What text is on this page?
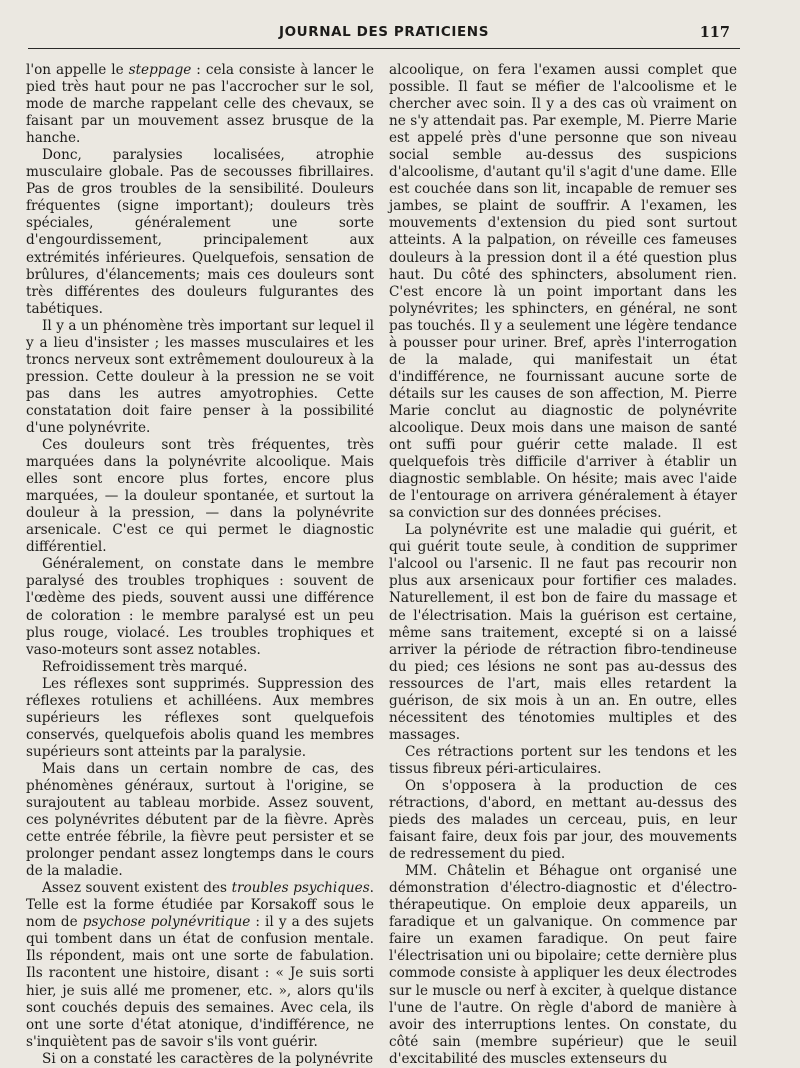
JOURNAL DES PRATICIENS	117

l'on appelle le steppage : cela consiste à lancer le pied très haut pour ne pas l'accrocher sur le sol, mode de marche rappelant celle des chevaux, se faisant par un mouvement assez brusque de la hanche.

Donc, paralysies localisées, atrophie musculaire globale. Pas de secousses fibrillaires. Pas de gros troubles de la sensibilité. Douleurs fréquentes (signe important); douleurs très spéciales, généralement une sorte d'engourdissement, principalement aux extrémités inférieures. Quelquefois, sensation de brûlures, d'élancements; mais ces douleurs sont très différentes des douleurs fulgurantes des tabétiques.

Il y a un phénomène très important sur lequel il y a lieu d'insister ; les masses musculaires et les troncs nerveux sont extrêmement douloureux à la pression. Cette douleur à la pression ne se voit pas dans les autres amyotrophies. Cette constatation doit faire penser à la possibilité d'une polynévrite.

Ces douleurs sont très fréquentes, très marquées dans la polynévrite alcoolique. Mais elles sont encore plus fortes, encore plus marquées, — la douleur spontanée, et surtout la douleur à la pression, — dans la polynévrite arsenicale. C'est ce qui permet le diagnostic différentiel.

Généralement, on constate dans le membre paralysé des troubles trophiques : souvent de l'œdème des pieds, souvent aussi une différence de coloration : le membre paralysé est un peu plus rouge, violacé. Les troubles trophiques et vaso-moteurs sont assez notables.

Refroidissement très marqué.

Les réflexes sont supprimés. Suppression des réflexes rotuliens et achilléens. Aux membres supérieurs les réflexes sont quelquefois conservés, quelquefois abolis quand les membres supérieurs sont atteints par la paralysie.

Mais dans un certain nombre de cas, des phénomènes généraux, surtout à l'origine, se surajoutent au tableau morbide. Assez souvent, ces polynévrites débutent par de la fièvre. Après cette entrée fébrile, la fièvre peut persister et se prolonger pendant assez longtemps dans le cours de la maladie.

Assez souvent existent des troubles psychiques. Telle est la forme étudiée par Korsakoff sous le nom de psychose polynévritique : il y a des sujets qui tombent dans un état de confusion mentale. Ils répondent, mais ont une sorte de fabulation. Ils racontent une histoire, disant : « Je suis sorti hier, je suis allé me promener, etc. », alors qu'ils sont couchés depuis des semaines. Avec cela, ils ont une sorte d'état atonique, d'indifférence, ne s'inquiètent pas de savoir s'ils vont guérir.

Si on a constaté les caractères de la polynévrite

alcoolique, on fera l'examen aussi complet que possible. Il faut se méfier de l'alcoolisme et le chercher avec soin. Il y a des cas où vraiment on ne s'y attendait pas. Par exemple, M. Pierre Marie est appelé près d'une personne que son niveau social semble au-dessus des suspicions d'alcoolisme, d'autant qu'il s'agit d'une dame. Elle est couchée dans son lit, incapable de remuer ses jambes, se plaint de souffrir. A l'examen, les mouvements d'extension du pied sont surtout atteints. A la palpation, on réveille ces fameuses douleurs à la pression dont il a été question plus haut. Du côté des sphincters, absolument rien. C'est encore là un point important dans les polynévrites; les sphincters, en général, ne sont pas touchés. Il y a seulement une légère tendance à pousser pour uriner. Bref, après l'interrogation de la malade, qui manifestait un état d'indifférence, ne fournissant aucune sorte de détails sur les causes de son affection, M. Pierre Marie conclut au diagnostic de polynévrite alcoolique. Deux mois dans une maison de santé ont suffi pour guérir cette malade. Il est quelquefois très difficile d'arriver à établir un diagnostic semblable. On hésite; mais avec l'aide de l'entourage on arrivera généralement à étayer sa conviction sur des données précises.

La polynévrite est une maladie qui guérit, et qui guérit toute seule, à condition de supprimer l'alcool ou l'arsenic. Il ne faut pas recourir non plus aux arsenicaux pour fortifier ces malades. Naturellement, il est bon de faire du massage et de l'électrisation. Mais la guérison est certaine, même sans traitement, excepté si on a laissé arriver la période de rétraction fibro-tendineuse du pied; ces lésions ne sont pas au-dessus des ressources de l'art, mais elles retardent la guérison, de six mois à un an. En outre, elles nécessitent des ténotomies multiples et des massages.

Ces rétractions portent sur les tendons et les tissus fibreux péri-articulaires.

On s'opposera à la production de ces rétractions, d'abord, en mettant au-dessus des pieds des malades un cerceau, puis, en leur faisant faire, deux fois par jour, des mouvements de redressement du pied.

MM. Châtelin et Béhague ont organisé une démonstration d'électro-diagnostic et d'électro-thérapeutique. On emploie deux appareils, un faradique et un galvanique. On commence par faire un examen faradique. On peut faire l'électrisation uni ou bipolaire; cette dernière plus commode consiste à appliquer les deux électrodes sur le muscle ou nerf à exciter, à quelque distance l'une de l'autre. On règle d'abord de manière à avoir des interruptions lentes. On constate, du côté sain (membre supérieur) que le seuil d'excitabilité des muscles extenseurs du
